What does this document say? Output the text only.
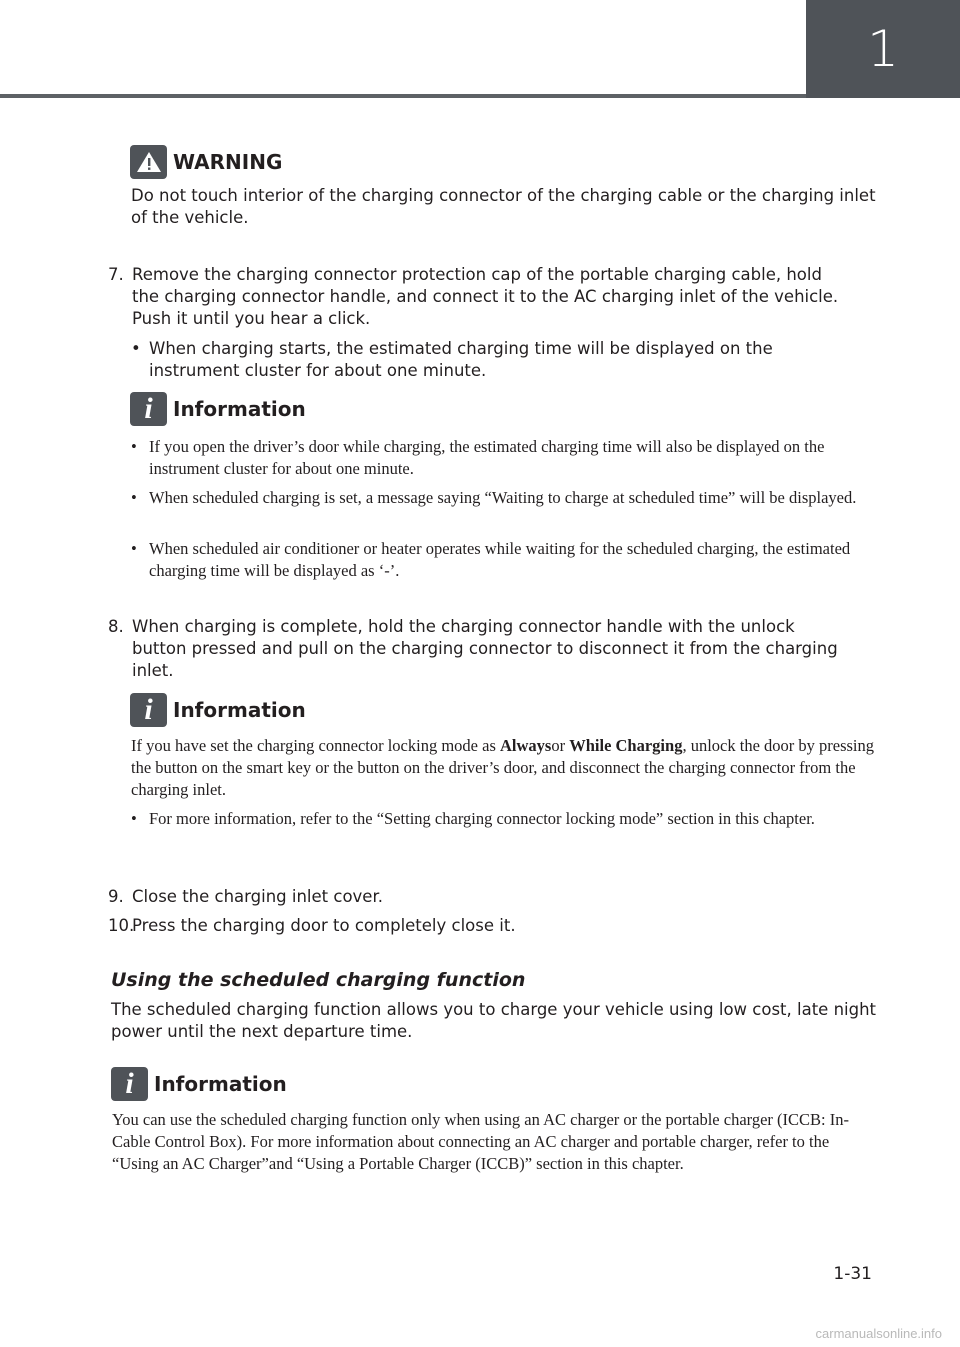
1
WARNING
Do not touch interior of the charging connector of the charging cable or the charging inlet of the vehicle.
7. Remove the charging connector protection cap of the portable charging cable, hold
the charging connector handle, and connect it to the AC charging inlet of the vehicle.
Push it until you hear a click.
• When charging starts, the estimated charging time will be displayed on the instrument cluster for about one minute.
i Information
• If you open the driver’s door while charging, the estimated charging time will also be displayed on the instrument cluster for about one minute.
• When scheduled charging is set, a message saying “Waiting to charge at scheduled time” will be displayed.
• When scheduled air conditioner or heater operates while waiting for the scheduled charging, the estimated charging time will be displayed as ‘-’.
8. When charging is complete, hold the charging connector handle with the unlock
button pressed and pull on the charging connector to disconnect it from the charging
inlet.
i Information
If you have set the charging connector locking mode as Alwaysor While Charging, unlock the door by pressing the button on the smart key or the button on the driver’s door, and disconnect the charging connector from the charging inlet.
• For more information, refer to the “Setting charging connector locking mode” section in this chapter.
9. Close the charging inlet cover.
10.
Press the charging door to completely close it.
Using the scheduled charging function
The scheduled charging function allows you to charge your vehicle using low cost, late night power until the next departure time.
i Information
You can use the scheduled charging function only when using an AC charger or the portable charger (ICCB: In-Cable Control Box). For more information about connecting an AC charger and portable charger, refer to the “Using an AC Charger”and “Using a Portable Charger (ICCB)” section in this chapter.
1-31
carmanualsonline.info
